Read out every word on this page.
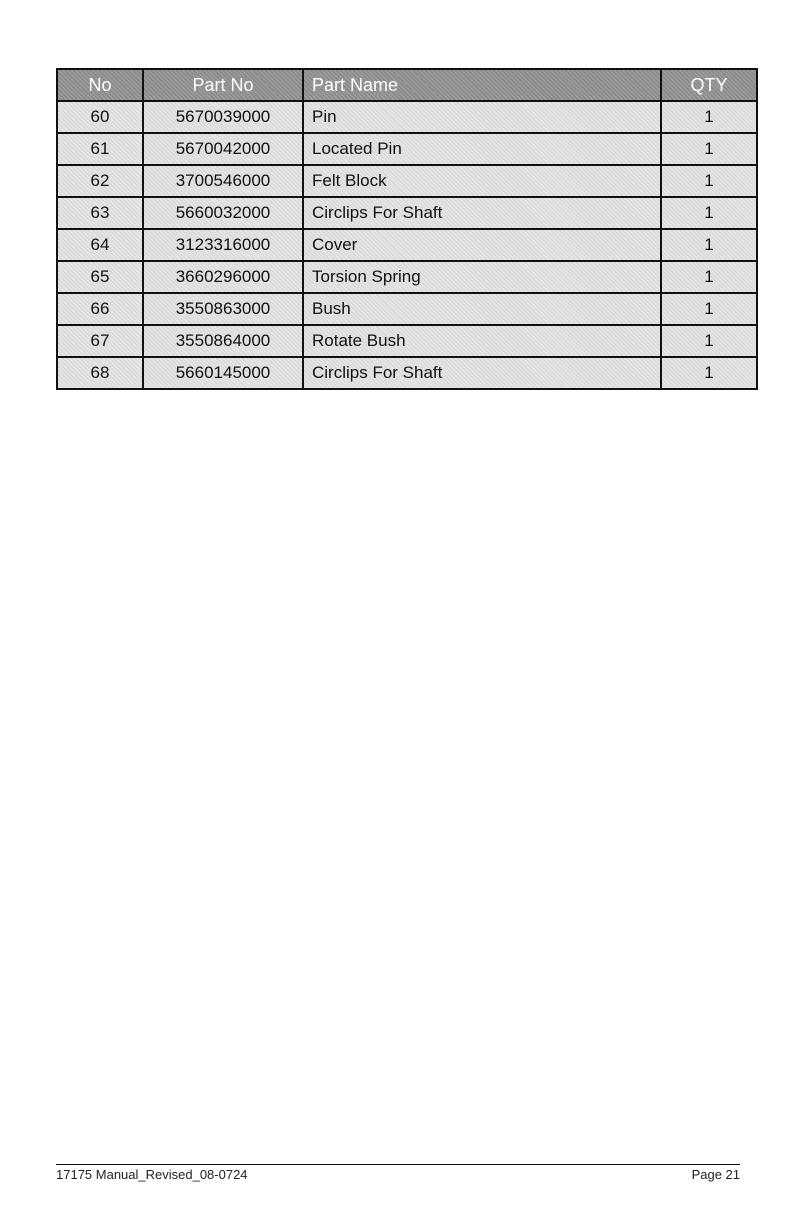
No	Part No	Part Name	QTY
60	5670039000	Pin	1
61	5670042000	Located Pin	1
62	3700546000	Felt Block	1
63	5660032000	Circlips For Shaft	1
64	3123316000	Cover	1
65	3660296000	Torsion Spring	1
66	3550863000	Bush	1
67	3550864000	Rotate Bush	1
68	5660145000	Circlips For Shaft	1
17175 Manual_Revised_08-0724	Page 21
